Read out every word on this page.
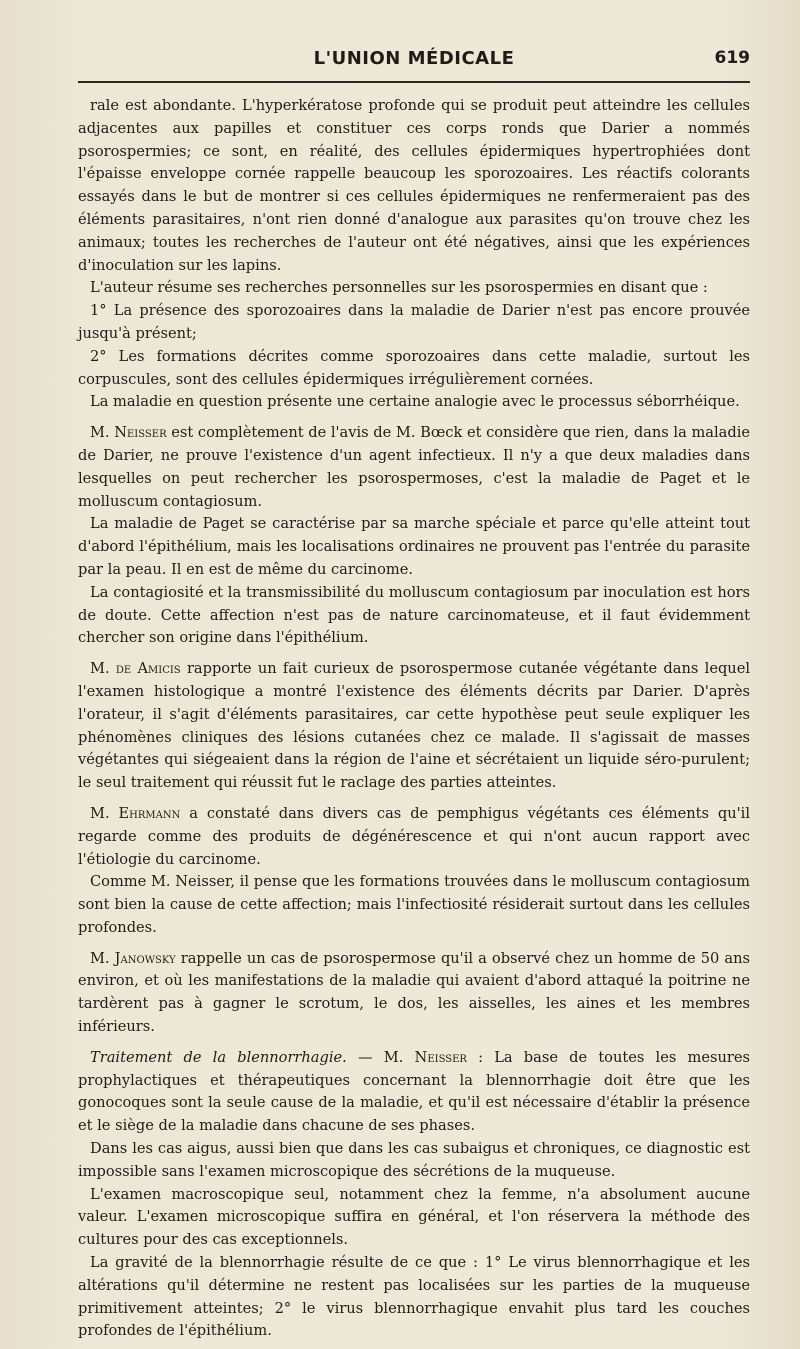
L'UNION MÉDICALE	619

rale est abondante. L'hyperkératose profonde qui se produit peut atteindre les cellules adjacentes aux papilles et constituer ces corps ronds que Darier a nommés psorospermies; ce sont, en réalité, des cellules épidermiques hypertrophiées dont l'épaisse enveloppe cornée rappelle beaucoup les sporozoaires. Les réactifs colorants essayés dans le but de montrer si ces cellules épidermiques ne renfermeraient pas des éléments parasitaires, n'ont rien donné d'analogue aux parasites qu'on trouve chez les animaux; toutes les recherches de l'auteur ont été négatives, ainsi que les expériences d'inoculation sur les lapins.

L'auteur résume ses recherches personnelles sur les psorospermies en disant que :

1° La présence des sporozoaires dans la maladie de Darier n'est pas encore prouvée jusqu'à présent;

2° Les formations décrites comme sporozoaires dans cette maladie, surtout les corpuscules, sont des cellules épidermiques irrégulièrement cornées.

La maladie en question présente une certaine analogie avec le processus séborrhéique.

M. Neisser est complètement de l'avis de M. Bœck et considère que rien, dans la maladie de Darier, ne prouve l'existence d'un agent infectieux. Il n'y a que deux maladies dans lesquelles on peut rechercher les psorospermoses, c'est la maladie de Paget et le molluscum contagiosum.

La maladie de Paget se caractérise par sa marche spéciale et parce qu'elle atteint tout d'abord l'épithélium, mais les localisations ordinaires ne prouvent pas l'entrée du parasite par la peau. Il en est de même du carcinome.

La contagiosité et la transmissibilité du molluscum contagiosum par inoculation est hors de doute. Cette affection n'est pas de nature carcinomateuse, et il faut évidemment chercher son origine dans l'épithélium.

M. de Amicis rapporte un fait curieux de psorospermose cutanée végétante dans lequel l'examen histologique a montré l'existence des éléments décrits par Darier. D'après l'orateur, il s'agit d'éléments parasitaires, car cette hypothèse peut seule expliquer les phénomènes cliniques des lésions cutanées chez ce malade. Il s'agissait de masses végétantes qui siégeaient dans la région de l'aine et sécrétaient un liquide séro-purulent; le seul traitement qui réussit fut le raclage des parties atteintes.

M. Ehrmann a constaté dans divers cas de pemphigus végétants ces éléments qu'il regarde comme des produits de dégénérescence et qui n'ont aucun rapport avec l'étiologie du carcinome.

Comme M. Neisser, il pense que les formations trouvées dans le molluscum contagiosum sont bien la cause de cette affection; mais l'infectiosité résiderait surtout dans les cellules profondes.

M. Janowsky rappelle un cas de psorospermose qu'il a observé chez un homme de 50 ans environ, et où les manifestations de la maladie qui avaient d'abord attaqué la poitrine ne tardèrent pas à gagner le scrotum, le dos, les aisselles, les aines et les membres inférieurs.

Traitement de la blennorrhagie. — M. Neisser : La base de toutes les mesures prophylactiques et thérapeutiques concernant la blennorrhagie doit être que les gonocoques sont la seule cause de la maladie, et qu'il est nécessaire d'établir la présence et le siège de la maladie dans chacune de ses phases.

Dans les cas aigus, aussi bien que dans les cas subaigus et chroniques, ce diagnostic est impossible sans l'examen microscopique des sécrétions de la muqueuse.

L'examen macroscopique seul, notamment chez la femme, n'a absolument aucune valeur. L'examen microscopique suffira en général, et l'on réservera la méthode des cultures pour des cas exceptionnels.

La gravité de la blennorrhagie résulte de ce que : 1° Le virus blennorrhagique et les altérations qu'il détermine ne restent pas localisées sur les parties de la muqueuse primitivement atteintes; 2° le virus blennorrhagique envahit plus tard les couches profondes de l'épithélium.
